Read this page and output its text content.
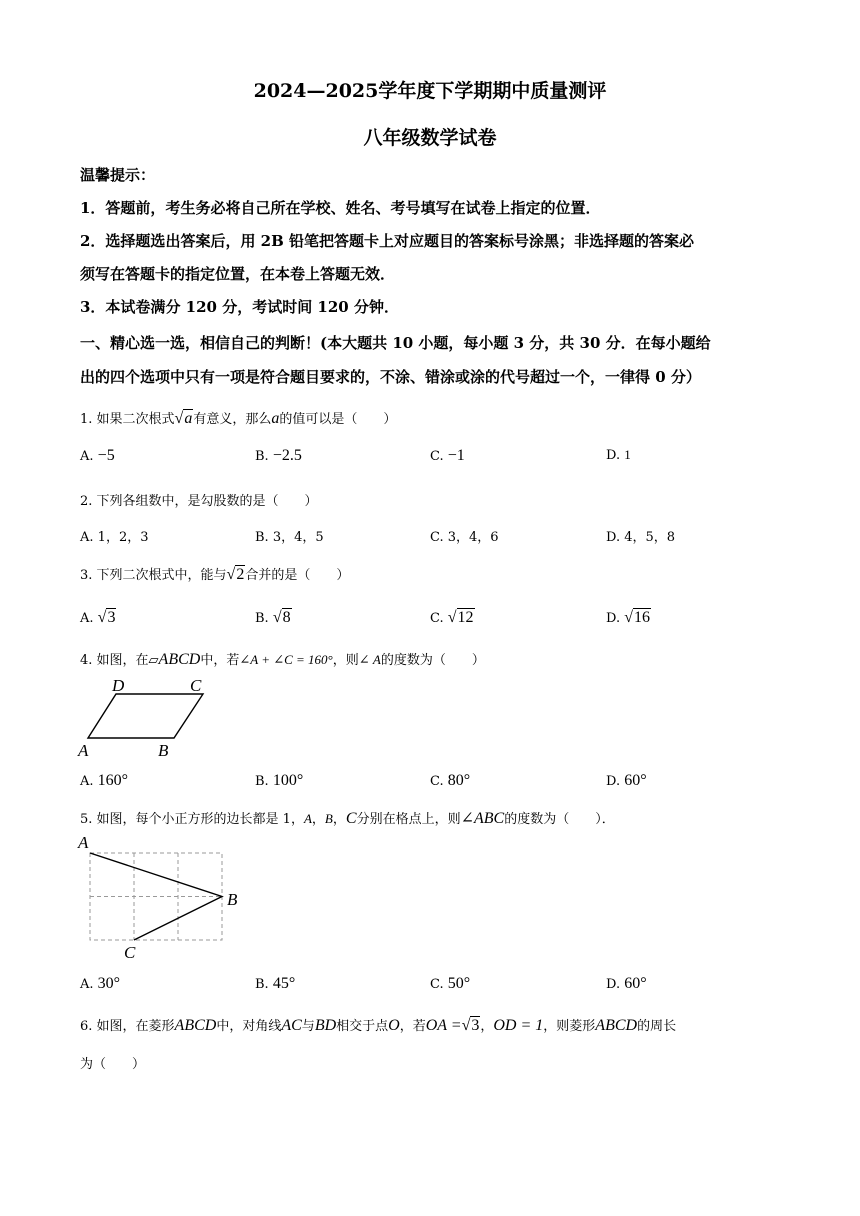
2024—2025学年度下学期期中质量测评
八年级数学试卷
温馨提示：
1．答题前，考生务必将自己所在学校、姓名、考号填写在试卷上指定的位置．
2．选择题选出答案后，用 2B 铅笔把答题卡上对应题目的答案标号涂黑；非选择题的答案必
须写在答题卡的指定位置，在本卷上答题无效．
3．本试卷满分 120 分，考试时间 120 分钟．
一、精心选一选，相信自己的判断！(本大题共 10 小题，每小题 3 分，共 30 分．在每小题给
出的四个选项中只有一项是符合题目要求的，不涂、错涂或涂的代号超过一个，一律得 0 分）
1. 如果二次根式√a有意义，那么a的值可以是（　　）
A. −5	B. −2.5	C. −1	D. 1
2. 下列各组数中，是勾股数的是（　　）
A. 1，2，3	B. 3，4，5	C. 3，4，6	D. 4，5，8
3. 下列二次根式中，能与√2合并的是（　　）
A. √3	B. √8	C. √12	D. √16
4. 如图，在▱ABCD中，若∠A + ∠C = 160°，则∠ A的度数为（　　）
D	C
A	B
A. 160°	B. 100°	C. 80°	D. 60°
5. 如图，每个小正方形的边长都是 1，A，B，C分别在格点上，则∠ABC的度数为（　　）．
A
B
C
A. 30°	B. 45°	C. 50°	D. 60°
6. 如图，在菱形ABCD中，对角线AC与BD相交于点O，若OA =√3，OD = 1，则菱形ABCD的周长
为（　　）
